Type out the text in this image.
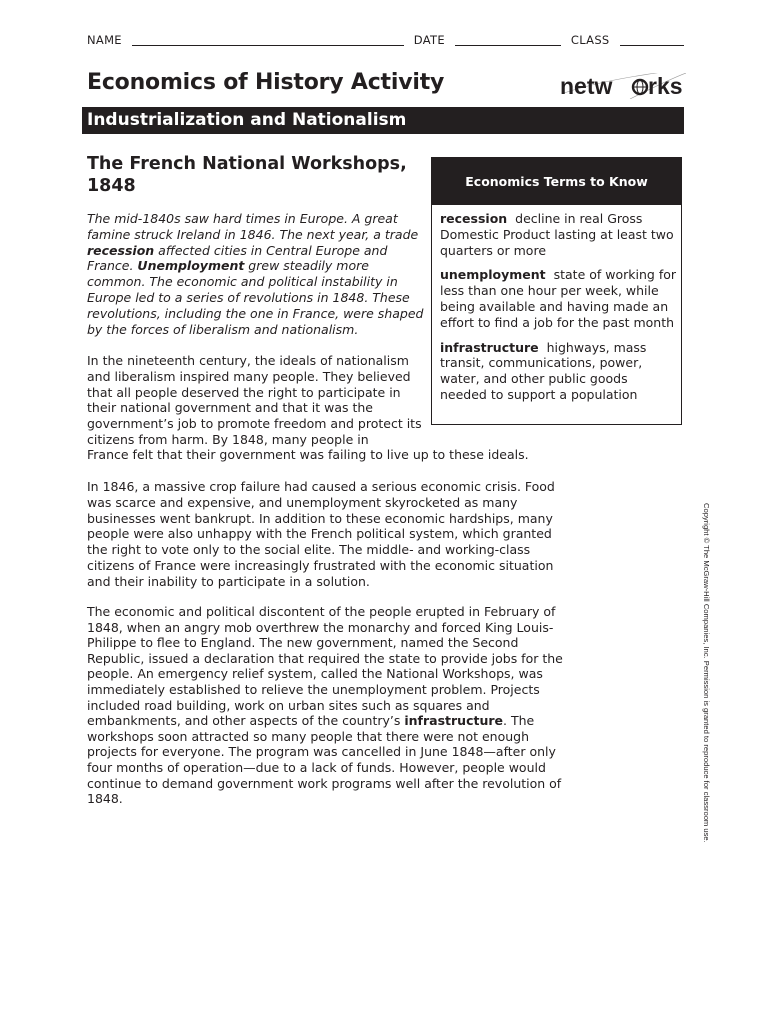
NAME	DATE	CLASS
Economics of History Activity	netw rks
Industrialization and Nationalism
The French National Workshops, 1848
The mid-1840s saw hard times in Europe. A great famine struck Ireland in 1846. The next year, a trade recession affected cities in Central Europe and France. Unemployment grew steadily more common. The economic and political instability in Europe led to a series of revolutions in 1848. These revolutions, including the one in France, were shaped by the forces of liberalism and nationalism.
In the nineteenth century, the ideals of nationalism and liberalism inspired many people. They believed that all people deserved the right to participate in their national government and that it was the government’s job to promote freedom and protect its citizens from harm. By 1848, many people in
France felt that their government was failing to live up to these ideals.
In 1846, a massive crop failure had caused a serious economic crisis. Food was scarce and expensive, and unemployment skyrocketed as many businesses went bankrupt. In addition to these economic hardships, many people were also unhappy with the French political system, which granted the right to vote only to the social elite. The middle- and working-class citizens of France were increasingly frustrated with the economic situation and their inability to participate in a solution.
The economic and political discontent of the people erupted in February of 1848, when an angry mob overthrew the monarchy and forced King Louis-Philippe to flee to England. The new government, named the Second Republic, issued a declaration that required the state to provide jobs for the people. An emergency relief system, called the National Workshops, was immediately established to relieve the unemployment problem. Projects included road building, work on urban sites such as squares and embankments, and other aspects of the country’s infrastructure. The workshops soon attracted so many people that there were not enough projects for everyone. The program was cancelled in June 1848—after only four months of operation—due to a lack of funds. However, people would continue to demand government work programs well after the revolution of 1848.
Economics Terms to Know
recession decline in real Gross Domestic Product lasting at least two quarters or more
unemployment state of working for less than one hour per week, while being available and having made an effort to find a job for the past month
infrastructure highways, mass transit, communications, power, water, and other public goods needed to support a population
Copyright © The McGraw-Hill Companies, Inc. Permission is granted to reproduce for classroom use.
